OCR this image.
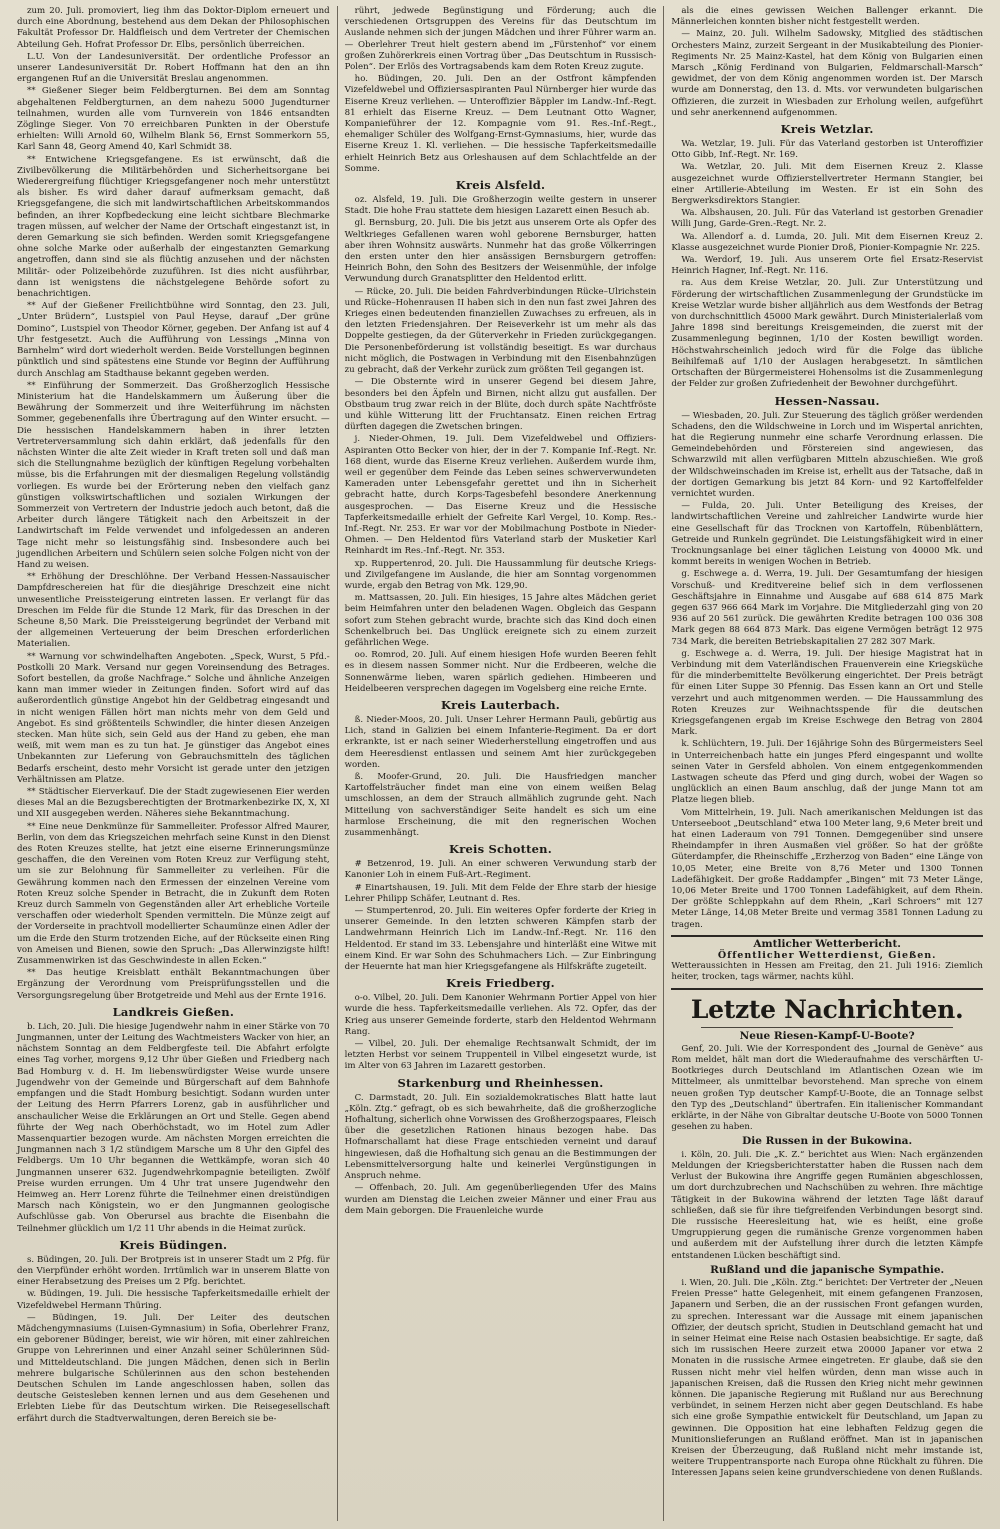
zum 20. Juli. promoviert, lieg ihm das Doktor-Diplom erneuert und durch eine Abordnung, bestehend aus dem Dekan der Philosophischen Fakultät Professor Dr. Haldfleisch und dem Vertreter der Chemischen Abteilung Geh. Hofrat Professor Dr. Elbs, persönlich überreichen.

L.U. Von der Landesuniversität. Der ordentliche Professor an unserer Landesuniversität Dr. Robert Hoffmann hat den an ihn ergangenen Ruf an die Universität Breslau angenommen.

** Gießener Sieger beim Feldbergturnen. Bei dem am Sonntag abgehaltenen Feldbergturnen, an dem nahezu 5000 Jugendturner teilnahmen, wurden alle vom Turnverein von 1846 entsandten Zöglinge Sieger. Von 70 erreichbaren Punkten in der Oberstufe erhielten: Willi Arnold 60, Wilhelm Blank 56, Ernst Sommerkorn 55, Karl Sann 48, Georg Amend 40, Karl Schmidt 38.

** Entwichene Kriegsgefangene. Es ist erwünscht, daß die Zivilbevölkerung die Militärbehörden und Sicherheitsorgane bei Wiederergreifung flüchtiger Kriegsgefangener noch mehr unterstützt als bisher. Es wird daher darauf aufmerksam gemacht, daß Kriegsgefangene, die sich mit landwirtschaftlichen Arbeitskommandos befinden, an ihrer Kopfbedeckung eine leicht sichtbare Blechmarke tragen müssen, auf welcher der Name der Ortschaft eingestanzt ist, in deren Gemarkung sie sich befinden. Werden somit Kriegsgefangene ohne solche Marke oder außerhalb der eingestanzten Gemarkung angetroffen, dann sind sie als flüchtig anzusehen und der nächsten Militär- oder Polizeibehörde zuzuführen. Ist dies nicht ausführbar, dann ist wenigstens die nächstgelegene Behörde sofort zu benachrichtigen.

** Auf der Gießener Freilichtbühne wird Sonntag, den 23. Juli, „Unter Brüdern“, Lustspiel von Paul Heyse, darauf „Der grüne Domino“, Lustspiel von Theodor Körner, gegeben. Der Anfang ist auf 4 Uhr festgesetzt. Auch die Aufführung von Lessings „Minna von Barnhelm“ wird dort wiederholt werden. Beide Vorstellungen beginnen pünktlich und sind spätestens eine Stunde vor Beginn der Aufführung durch Anschlag am Stadthause bekannt gegeben werden.

** Einführung der Sommerzeit. Das Großherzoglich Hessische Ministerium hat die Handelskammern um Äußerung über die Bewährung der Sommerzeit und ihre Weiterführung im nächsten Sommer, gegebenenfalls ihre Übertragung auf den Winter ersucht. — Die hessischen Handelskammern haben in ihrer letzten Vertreterversammlung sich dahin erklärt, daß jedenfalls für den nächsten Winter die alte Zeit wieder in Kraft treten soll und daß man sich die Stellungnahme bezüglich der künftigen Regelung vorbehalten müsse, bis die Erfahrungen mit der diesmaligen Regelung vollständig vorliegen. Es wurde bei der Erörterung neben den vielfach ganz günstigen volkswirtschaftlichen und sozialen Wirkungen der Sommerzeit von Vertretern der Industrie jedoch auch betont, daß die Arbeiter durch längere Tätigkeit nach den Arbeitszeit in der Landwirtschaft im Felde verwendet und infolgedessen an anderen Tage nicht mehr so leistungsfähig sind. Insbesondere auch bei jugendlichen Arbeitern und Schülern seien solche Folgen nicht von der Hand zu weisen.

** Erhöhung der Dreschlöhne. Der Verband Hessen-Nassauischer Dampfdreschereien hat für die diesjährige Dreschzeit eine nicht unwesentliche Preissteigerung eintreten lassen. Er verlangt für das Dreschen im Felde für die Stunde 12 Mark, für das Dreschen in der Scheune 8,50 Mark. Die Preissteigerung begründet der Verband mit der allgemeinen Verteuerung der beim Dreschen erforderlichen Materialien.

** Warnung vor schwindelhaften Angeboten. „Speck, Wurst, 5 Pfd.-Postkolli 20 Mark. Versand nur gegen Voreinsendung des Betrages. Sofort bestellen, da große Nachfrage.“ Solche und ähnliche Anzeigen kann man immer wieder in Zeitungen finden. Sofort wird auf das außerordentlich günstige Angebot hin der Geldbetrag eingesandt und in nicht wenigen Fällen hört man nichts mehr von dem Geld und Angebot. Es sind größtenteils Schwindler, die hinter diesen Anzeigen stecken. Man hüte sich, sein Geld aus der Hand zu geben, ehe man weiß, mit wem man es zu tun hat. Je günstiger das Angebot eines Unbekannten zur Lieferung von Gebrauchsmitteln des täglichen Bedarfs erscheint, desto mehr Vorsicht ist gerade unter den jetzigen Verhältnissen am Platze.

** Städtischer Eierverkauf. Die der Stadt zugewiesenen Eier werden dieses Mal an die Bezugsberechtigten der Brotmarkenbezirke IX, X, XI und XII ausgegeben werden. Näheres siehe Bekanntmachung.

** Eine neue Denkmünze für Sammelleiter. Professor Alfred Maurer, Berlin, von dem das Kriegszeichen mehrfach seine Kunst in den Dienst des Roten Kreuzes stellte, hat jetzt eine eiserne Erinnerungsmünze geschaffen, die den Vereinen vom Roten Kreuz zur Verfügung steht, um sie zur Belohnung für Sammelleiter zu verleihen. Für die Gewährung kommen nach den Ermessen der einzelnen Vereine vom Roten Kreuz solche Spender in Betracht, die in Zukunft dem Roten Kreuz durch Sammeln von Gegenständen aller Art erhebliche Vorteile verschaffen oder wiederholt Spenden vermitteln. Die Münze zeigt auf der Vorderseite in prachtvoll modellierter Schaumünze einen Adler der um die Erde den Sturm trotzenden Eiche, auf der Rückseite einen Ring von Ameisen und Bienen, sowie den Spruch: „Das Allerwinzigste hilft! Zusammenwirken ist das Geschwindeste in allen Ecken.“

** Das heutige Kreisblatt enthält Bekanntmachungen über Ergänzung der Verordnung vom Preisprüfungsstellen und die Versorgungsregelung über Brotgetreide und Mehl aus der Ernte 1916.

Landkreis Gießen.

b. Lich, 20. Juli. Die hiesige Jugendwehr nahm in einer Stärke von 70 Jungmannen, unter der Leitung des Wachtmeisters Wacker von hier, an nächstem Sonntag an dem Feldbergfeste teil. Die Abfahrt erfolgte eines Tag vorher, morgens 9,12 Uhr über Gießen und Friedberg nach Bad Homburg v. d. H. Im liebenswürdigster Weise wurde unsere Jugendwehr von der Gemeinde und Bürgerschaft auf dem Bahnhofe empfangen und die Stadt Homburg besichtigt. Sodann wurden unter der Leitung des Herrn Pfarrers Lorenz, gab in ausführlicher und anschaulicher Weise die Erklärungen an Ort und Stelle. Gegen abend führte der Weg nach Oberhöchstadt, wo im Hotel zum Adler Massenquartier bezogen wurde. Am nächsten Morgen erreichten die Jungmannen nach 3 1/2 stündigem Marsche um 8 Uhr den Gipfel des Feldbergs. Um 10 Uhr begannen die Wettkämpfe, woran sich 40 Jungmannen unserer 632. Jugendwehrkompagnie beteiligten. Zwölf Preise wurden errungen. Um 4 Uhr trat unsere Jugendwehr den Heimweg an. Herr Lorenz führte die Teilnehmer einen dreistündigen Marsch nach Königstein, wo er den Jungmannen geologische Aufschlüsse gab. Von Oberursel aus brachte die Eisenbahn die Teilnehmer glücklich um 1/2 11 Uhr abends in die Heimat zurück.

Kreis Büdingen.

s. Büdingen, 20. Juli. Der Brotpreis ist in unserer Stadt um 2 Pfg. für den Vierpfünder erhöht worden. Irrtümlich war in unserem Blatte von einer Herabsetzung des Preises um 2 Pfg. berichtet.

w. Büdingen, 19. Juli. Die hessische Tapferkeitsmedaille erhielt der Vizefeldwebel Hermann Thüring.

— Büdingen, 19. Juli. Der Leiter des deutschen Mädchengymnasiums (Luisen-Gymnasium) in Sofia, Oberlehrer Franz, ein geborener Büdinger, bereist, wie wir hören, mit einer zahlreichen Gruppe von Lehrerinnen und einer Anzahl seiner Schülerinnen Süd- und Mitteldeutschland. Die jungen Mädchen, denen sich in Berlin mehrere bulgarische Schülerinnen aus den schon bestehenden Deutschen Schulen im Lande angeschlossen haben, sollen das deutsche Geistesleben kennen lernen und aus dem Gesehenen und Erlebten Liebe für das Deutschtum wirken. Die Reisegesellschaft erfährt durch die Stadtverwaltungen, deren Bereich sie be-

rührt, jedwede Begünstigung und Förderung; auch die verschiedenen Ortsgruppen des Vereins für das Deutschtum im Auslande nehmen sich der jungen Mädchen und ihrer Führer warm an. — Oberlehrer Treut hielt gestern abend im „Fürstenhof“ vor einem großen Zuhörerkreis einen Vortrag über „Das Deutschtum in Russisch-Polen“. Der Erlös des Vortragsabends kam dem Roten Kreuz zugute.

ho. Büdingen, 20. Juli. Den an der Ostfront kämpfenden Vizefeldwebel und Offiziersaspiranten Paul Nürnberger hier wurde das Eiserne Kreuz verliehen. — Unteroffizier Bäppler im Landw.-Inf.-Regt. 81 erhielt das Eiserne Kreuz. — Dem Leutnant Otto Wagner, Kompanieführer der 12. Kompagnie vom 91. Res.-Inf.-Regt., ehemaliger Schüler des Wolfgang-Ernst-Gymnasiums, hier, wurde das Eiserne Kreuz 1. Kl. verliehen. — Die hessische Tapferkeitsmedaille erhielt Heinrich Betz aus Orleshausen auf dem Schlachtfelde an der Somme.

Kreis Alsfeld.

oz. Alsfeld, 19. Juli. Die Großherzogin weilte gestern in unserer Stadt. Die hohe Frau stattete dem hiesigen Lazarett einen Besuch ab.

gl. Bernsburg, 20. Juli. Die bis jetzt aus unserem Orte als Opfer des Weltkrieges Gefallenen waren wohl geborene Bernsburger, hatten aber ihren Wohnsitz auswärts. Nunmehr hat das große Völkerringen den ersten unter den hier ansässigen Bernsburgern getroffen: Heinrich Bohn, den Sohn des Besitzers der Weisenmühle, der infolge Verwundung durch Granatsplitter den Heldentod erlitt.

— Rücke, 20. Juli. Die beiden Fahrdverbindungen Rücke–Ulrichstein und Rücke–Hohenrausen II haben sich in den nun fast zwei Jahren des Krieges einen bedeutenden finanziellen Zuwachses zu erfreuen, als in den letzten Friedensjahren. Der Reiseverkehr ist um mehr als das Doppelte gestiegen, da der Güterverkehr in Frieden zurückgegangen. Die Personenbeförderung ist vollständig beseitigt. Es war durchaus nicht möglich, die Postwagen in Verbindung mit den Eisenbahnzügen zu gebracht, daß der Verkehr zurück zum größten Teil gegangen ist.

— Die Obsternte wird in unserer Gegend bei diesem Jahre, besonders bei den Äpfeln und Birnen, nicht allzu gut ausfallen. Der Obstbaum trug zwar reich in der Blüte, doch durch späte Nachtfröste und kühle Witterung litt der Fruchtansatz. Einen reichen Ertrag dürften dagegen die Zwetschen bringen.

j. Nieder-Ohmen, 19. Juli. Dem Vizefeldwebel und Offiziers-Aspiranten Otto Becker von hier, der in der 7. Kompanie Inf.-Regt. Nr. 168 dient, wurde das Eiserne Kreuz verliehen. Außerdem wurde ihm, weil er gegenüber dem Feinde das Leben seines schwerverwundeten Kameraden unter Lebensgefahr gerettet und ihn in Sicherheit gebracht hatte, durch Korps-Tagesbefehl besondere Anerkennung ausgesprochen. — Das Eiserne Kreuz und die Hessische Tapferkeitsmedaille erhielt der Gefreite Karl Vergel, 10. Komp. Res.-Inf.-Regt. Nr. 253. Er war vor der Mobilmachung Postbote in Nieder-Ohmen. — Den Heldentod fürs Vaterland starb der Musketier Karl Reinhardt im Res.-Inf.-Regt. Nr. 353.

xp. Ruppertenrod, 20. Juli. Die Haussammlung für deutsche Kriegs- und Zivilgefangene im Auslande, die hier am Sonntag vorgenommen wurde, ergab den Betrag von Mk. 129,90.

m. Mattsassen, 20. Juli. Ein hiesiges, 15 Jahre altes Mädchen geriet beim Heimfahren unter den beladenen Wagen. Obgleich das Gespann sofort zum Stehen gebracht wurde, brachte sich das Kind doch einen Schenkelbruch bei. Das Unglück ereignete sich zu einem zurzeit gefährlichen Wege.

oo. Romrod, 20. Juli. Auf einem hiesigen Hofe wurden Beeren fehlt es in diesem nassen Sommer nicht. Nur die Erdbeeren, welche die Sonnenwärme lieben, waren spärlich gediehen. Himbeeren und Heidelbeeren versprechen dagegen im Vogelsberg eine reiche Ernte.

Kreis Lauterbach.

ß. Nieder-Moos, 20. Juli. Unser Lehrer Hermann Pauli, gebürtig aus Lich, stand in Galizien bei einem Infanterie-Regiment. Da er dort erkrankte, ist er nach seiner Wiederherstellung eingetroffen und aus dem Heeresdienst entlassen und seinem Amt hier zurückgegeben worden.

ß. Moofer-Grund, 20. Juli. Die Hausfriedgen mancher Kartoffelsträucher findet man eine von einem weißen Belag umschlossen, an dem der Strauch allmählich zugrunde geht. Nach Mitteilung von sachverständiger Seite handelt es sich um eine harmlose Erscheinung, die mit den regnerischen Wochen zusammenhängt.

Kreis Schotten.

# Betzenrod, 19. Juli. An einer schweren Verwundung starb der Kanonier Loh in einem Fuß-Art.-Regiment.

# Einartshausen, 19. Juli. Mit dem Felde der Ehre starb der hiesige Lehrer Philipp Schäfer, Leutnant d. Res.

— Stumpertenrod, 20. Juli. Ein weiteres Opfer forderte der Krieg in unserer Gemeinde. In den letzten schweren Kämpfen starb der Landwehrmann Heinrich Lich im Landw.-Inf.-Regt. Nr. 116 den Heldentod. Er stand im 33. Lebensjahre und hinterläßt eine Witwe mit einem Kind. Er war Sohn des Schuhmachers Lich. — Zur Einbringung der Heuernte hat man hier Kriegsgefangene als Hilfskräfte zugeteilt.

Kreis Friedberg.

o-o. Vilbel, 20. Juli. Dem Kanonier Wehrmann Portier Appel von hier wurde die hess. Tapferkeitsmedaille verliehen. Als 72. Opfer, das der Krieg aus unserer Gemeinde forderte, starb den Heldentod Wehrmann Rang.

— Vilbel, 20. Juli. Der ehemalige Rechtsanwalt Schmidt, der im letzten Herbst vor seinem Truppenteil in Vilbel eingesetzt wurde, ist im Alter von 63 Jahren im Lazarett gestorben.

Starkenburg und Rheinhessen.

C. Darmstadt, 20. Juli. Ein sozialdemokratisches Blatt hatte laut „Köln. Ztg.“ gefragt, ob es sich bewahrheite, daß die großherzogliche Hofhaltung, sicherlich ohne Vorwissen des Großherzogspaares, Fleisch über die gesetzlichen Rationen hinaus bezogen habe. Das Hofmarschallamt hat diese Frage entschieden verneint und darauf hingewiesen, daß die Hofhaltung sich genau an die Bestimmungen der Lebensmittelversorgung halte und keinerlei Vergünstigungen in Anspruch nehme.

— Offenbach, 20. Juli. Am gegenüberliegenden Ufer des Mains wurden am Dienstag die Leichen zweier Männer und einer Frau aus dem Main geborgen. Die Frauenleiche wurde

als die eines gewissen Weichen Ballenger erkannt. Die Männerleichen konnten bisher nicht festgestellt werden.

— Mainz, 20. Juli. Wilhelm Sadowsky, Mitglied des städtischen Orchesters Mainz, zurzeit Sergeant in der Musikabteilung des Pionier-Regiments Nr. 25 Mainz-Kastel, hat dem König von Bulgarien einen Marsch „König Ferdinand von Bulgarien, Feldmarschall-Marsch“ gewidmet, der von dem König angenommen worden ist. Der Marsch wurde am Donnerstag, den 13. d. Mts. vor verwundeten bulgarischen Offizieren, die zurzeit in Wiesbaden zur Erholung weilen, aufgeführt und sehr anerkennend aufgenommen.

Kreis Wetzlar.

Wa. Wetzlar, 19. Juli. Für das Vaterland gestorben ist Unteroffizier Otto Gibb, Inf.-Regt. Nr. 169.

Wa. Wetzlar, 20. Juli. Mit dem Eisernen Kreuz 2. Klasse ausgezeichnet wurde Offizierstellvertreter Hermann Stangier, bei einer Artillerie-Abteilung im Westen. Er ist ein Sohn des Bergwerksdirektors Stangier.

Wa. Albshausen, 20. Juli. Für das Vaterland ist gestorben Grenadier Willi Jung, Garde-Gren.-Regt. Nr. 2.

Wa. Allendorf a. d. Lumda, 20. Juli. Mit dem Eisernen Kreuz 2. Klasse ausgezeichnet wurde Pionier Droß, Pionier-Kompagnie Nr. 225.

Wa. Werdorf, 19. Juli. Aus unserem Orte fiel Ersatz-Reservist Heinrich Hagner, Inf.-Regt. Nr. 116.

ra. Aus dem Kreise Wetzlar, 20. Juli. Zur Unterstützung und Förderung der wirtschaftlichen Zusammenlegung der Grundstücke im Kreise Wetzlar wurde bisher alljährlich aus dem Westfonds der Betrag von durchschnittlich 45000 Mark gewährt. Durch Ministerialerlaß vom Jahre 1898 sind bereitungs Kreisgemeinden, die zuerst mit der Zusammenlegung beginnen, 1/10 der Kosten bewilligt worden. Höchstwahrscheinlich jedoch wird für die Folge das übliche Beihilfemaß auf 1/10 der Auslagen herabgesetzt. In sämtlichen Ortschaften der Bürgermeisterei Hohensolms ist die Zusammenlegung der Felder zur großen Zufriedenheit der Bewohner durchgeführt.

Hessen-Nassau.

— Wiesbaden, 20. Juli. Zur Steuerung des täglich größer werdenden Schadens, den die Wildschweine in Lorch und im Wispertal anrichten, hat die Regierung nunmehr eine scharfe Verordnung erlassen. Die Gemeindebehörden und Förstereien sind angewiesen, das Schwarzwild mit allen verfügbaren Mitteln abzuschießen. Wie groß der Wildschweinschaden im Kreise ist, erhellt aus der Tatsache, daß in der dortigen Gemarkung bis jetzt 84 Korn- und 92 Kartoffelfelder vernichtet wurden.

— Fulda, 20. Juli. Unter Beteiligung des Kreises, der landwirtschaftlichen Vereine und zahlreicher Landwirte wurde hier eine Gesellschaft für das Trocknen von Kartoffeln, Rübenblättern, Getreide und Runkeln gegründet. Die Leistungsfähigkeit wird in einer Trocknungsanlage bei einer täglichen Leistung von 40000 Mk. und kommt bereits in wenigen Wochen in Betrieb.

g. Eschwege a. d. Werra, 19. Juli. Der Gesamtumfang der hiesigen Vorschuß- und Kreditvereine belief sich in dem verflossenen Geschäftsjahre in Einnahme und Ausgabe auf 688 614 875 Mark gegen 637 966 664 Mark im Vorjahre. Die Mitgliederzahl ging von 20 936 auf 20 561 zurück. Die gewährten Kredite betragen 100 036 308 Mark gegen 88 664 873 Mark. Das eigene Vermögen beträgt 12 975 734 Mark, die bereiten Betriebskapitalien 27 282 307 Mark.

g. Eschwege a. d. Werra, 19. Juli. Der hiesige Magistrat hat in Verbindung mit dem Vaterländischen Frauenverein eine Kriegsküche für die minderbemittelte Bevölkerung eingerichtet. Der Preis beträgt für einen Liter Suppe 30 Pfennig. Das Essen kann an Ort und Stelle verzehrt und auch mitgenommen werden. — Die Haussammlung des Roten Kreuzes zur Weihnachtsspende für die deutschen Kriegsgefangenen ergab im Kreise Eschwege den Betrag von 2804 Mark.

k. Schlüchtern, 19. Juli. Der 16jährige Sohn des Bürgermeisters Seel in Unterreichenbach hatte ein junges Pferd eingespannt und wollte seinen Vater in Gersfeld abholen. Von einem entgegenkommenden Lastwagen scheute das Pferd und ging durch, wobei der Wagen so unglücklich an einen Baum anschlug, daß der junge Mann tot am Platze liegen blieb.

Vom Mittelrhein, 19. Juli. Nach amerikanischen Meldungen ist das Unterseeboot „Deutschland“ etwa 100 Meter lang, 9,6 Meter breit und hat einen Laderaum von 791 Tonnen. Demgegenüber sind unsere Rheindampfer in ihren Ausmaßen viel größer. So hat der größte Güterdampfer, die Rheinschiffe „Erzherzog von Baden“ eine Länge von 10,05 Meter, eine Breite von 8,76 Meter und 1300 Tonnen Ladefähigkeit. Der große Raddampfer „Bingen“ mit 73 Meter Länge, 10,06 Meter Breite und 1700 Tonnen Ladefähigkeit, auf dem Rhein. Der größte Schleppkahn auf dem Rhein, „Karl Schroers“ mit 127 Meter Länge, 14,08 Meter Breite und vermag 3581 Tonnen Ladung zu tragen.

Amtlicher Wetterbericht.
Öffentlicher Wetterdienst, Gießen.

Wetteraussichten in Hessen am Freitag, den 21. Juli 1916: Ziemlich heiter, trocken, tags wärmer, nachts kühl.

Letzte Nachrichten.
Neue Riesen-Kampf-U-Boote?

Genf, 20. Juli. Wie der Korrespondent des „Journal de Genève“ aus Rom meldet, hält man dort die Wiederaufnahme des verschärften U-Bootkrieges durch Deutschland im Atlantischen Ozean wie im Mittelmeer, als unmittelbar bevorstehend. Man spreche von einem neuen großen Typ deutscher Kampf-U-Boote, die an Tonnage selbst den Typ des „Deutschland“ übertrafen. Ein italienischer Kommandant erklärte, in der Nähe von Gibraltar deutsche U-Boote von 5000 Tonnen gesehen zu haben.

Die Russen in der Bukowina.

i. Köln, 20. Juli. Die „K. Z.“ berichtet aus Wien: Nach ergänzenden Meldungen der Kriegsberichterstatter haben die Russen nach dem Verlust der Bukowina ihre Angriffe gegen Rumänien abgeschlossen, um dort durchzubrechen und Nachschüben zu wehren. Ihre mächtige Tätigkeit in der Bukowina während der letzten Tage läßt darauf schließen, daß sie für ihre tiefgreifenden Verbindungen besorgt sind. Die russische Heeresleitung hat, wie es heißt, eine große Umgruppierung gegen die rumänische Grenze vorgenommen haben und außerdem mit der Aufstellung ihrer durch die letzten Kämpfe entstandenen Lücken beschäftigt sind.

Rußland und die japanische Sympathie.

i. Wien, 20. Juli. Die „Köln. Ztg.“ berichtet: Der Vertreter der „Neuen Freien Presse“ hatte Gelegenheit, mit einem gefangenen Franzosen, Japanern und Serben, die an der russischen Front gefangen wurden, zu sprechen. Interessant war die Aussage mit einem japanischen Offizier, der deutsch spricht, Studien in Deutschland gemacht hat und in seiner Heimat eine Reise nach Ostasien beabsichtige. Er sagte, daß sich im russischen Heere zurzeit etwa 20000 Japaner vor etwa 2 Monaten in die russische Armee eingetreten. Er glaube, daß sie den Russen nicht mehr viel helfen würden, denn man wisse auch in japanischen Kreisen, daß die Russen den Krieg nicht mehr gewinnen können. Die japanische Regierung mit Rußland nur aus Berechnung verbündet, in seinem Herzen nicht aber gegen Deutschland. Es habe sich eine große Sympathie entwickelt für Deutschland, um Japan zu gewinnen. Die Opposition hat eine lebhaften Feldzug gegen die Munitionslieferungen an Rußland eröffnet. Man ist in japanischen Kreisen der Überzeugung, daß Rußland nicht mehr imstande ist, weitere Truppentransporte nach Europa ohne Rückhalt zu führen. Die Interessen Japans seien keine grundverschiedene von denen Rußlands.
